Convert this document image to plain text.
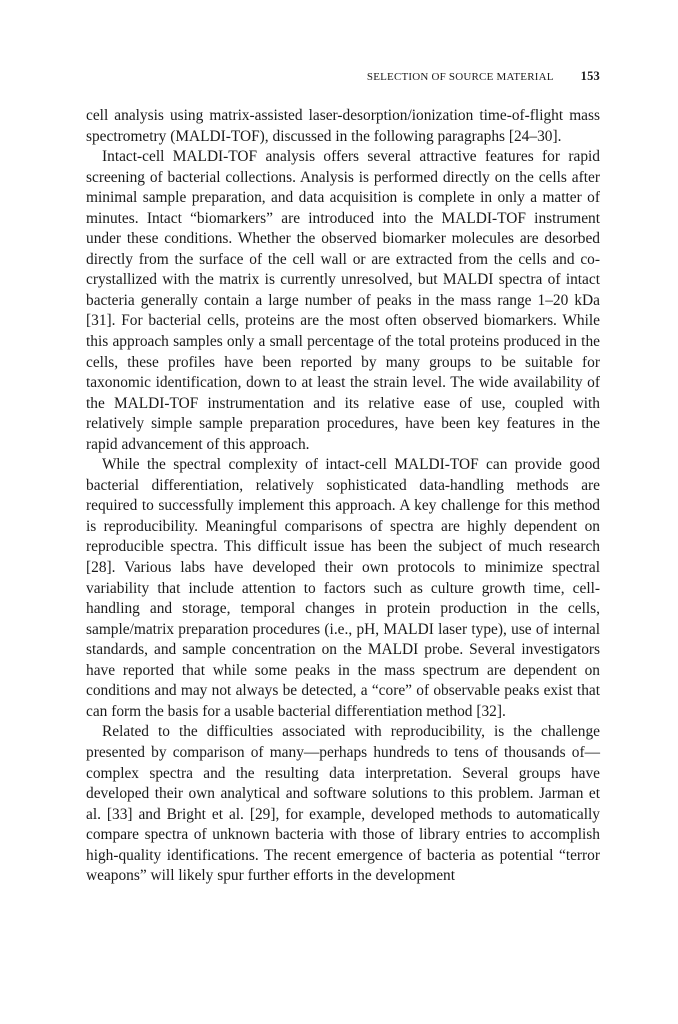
SELECTION OF SOURCE MATERIAL 153

cell analysis using matrix-assisted laser-desorption/ionization time-of-flight mass spectrometry (MALDI-TOF), discussed in the following paragraphs [24–30].

Intact-cell MALDI-TOF analysis offers several attractive features for rapid screening of bacterial collections. Analysis is performed directly on the cells after minimal sample preparation, and data acquisition is complete in only a matter of minutes. Intact “biomarkers” are introduced into the MALDI-TOF instrument under these conditions. Whether the observed biomarker molecules are desorbed directly from the surface of the cell wall or are extracted from the cells and co-crystallized with the matrix is currently unresolved, but MALDI spectra of intact bacteria generally contain a large number of peaks in the mass range 1–20 kDa [31]. For bacterial cells, proteins are the most often observed biomarkers. While this approach samples only a small percentage of the total proteins produced in the cells, these profiles have been reported by many groups to be suitable for taxonomic identification, down to at least the strain level. The wide availability of the MALDI-TOF instrumentation and its relative ease of use, coupled with relatively simple sample preparation procedures, have been key features in the rapid advancement of this approach.

While the spectral complexity of intact-cell MALDI-TOF can provide good bacterial differentiation, relatively sophisticated data-handling methods are required to successfully implement this approach. A key challenge for this method is reproducibility. Meaningful comparisons of spectra are highly dependent on reproducible spectra. This difficult issue has been the subject of much research [28]. Various labs have developed their own protocols to minimize spectral variability that include attention to factors such as culture growth time, cell-handling and storage, temporal changes in protein production in the cells, sample/matrix preparation procedures (i.e., pH, MALDI laser type), use of internal standards, and sample concentration on the MALDI probe. Several investigators have reported that while some peaks in the mass spectrum are dependent on conditions and may not always be detected, a “core” of observable peaks exist that can form the basis for a usable bacterial differentiation method [32].

Related to the difficulties associated with reproducibility, is the challenge presented by comparison of many—perhaps hundreds to tens of thousands of—complex spectra and the resulting data interpretation. Several groups have developed their own analytical and software solutions to this problem. Jarman et al. [33] and Bright et al. [29], for example, developed methods to automatically compare spectra of unknown bacteria with those of library entries to accomplish high-quality identifications. The recent emergence of bacteria as potential “terror weapons” will likely spur further efforts in the development
